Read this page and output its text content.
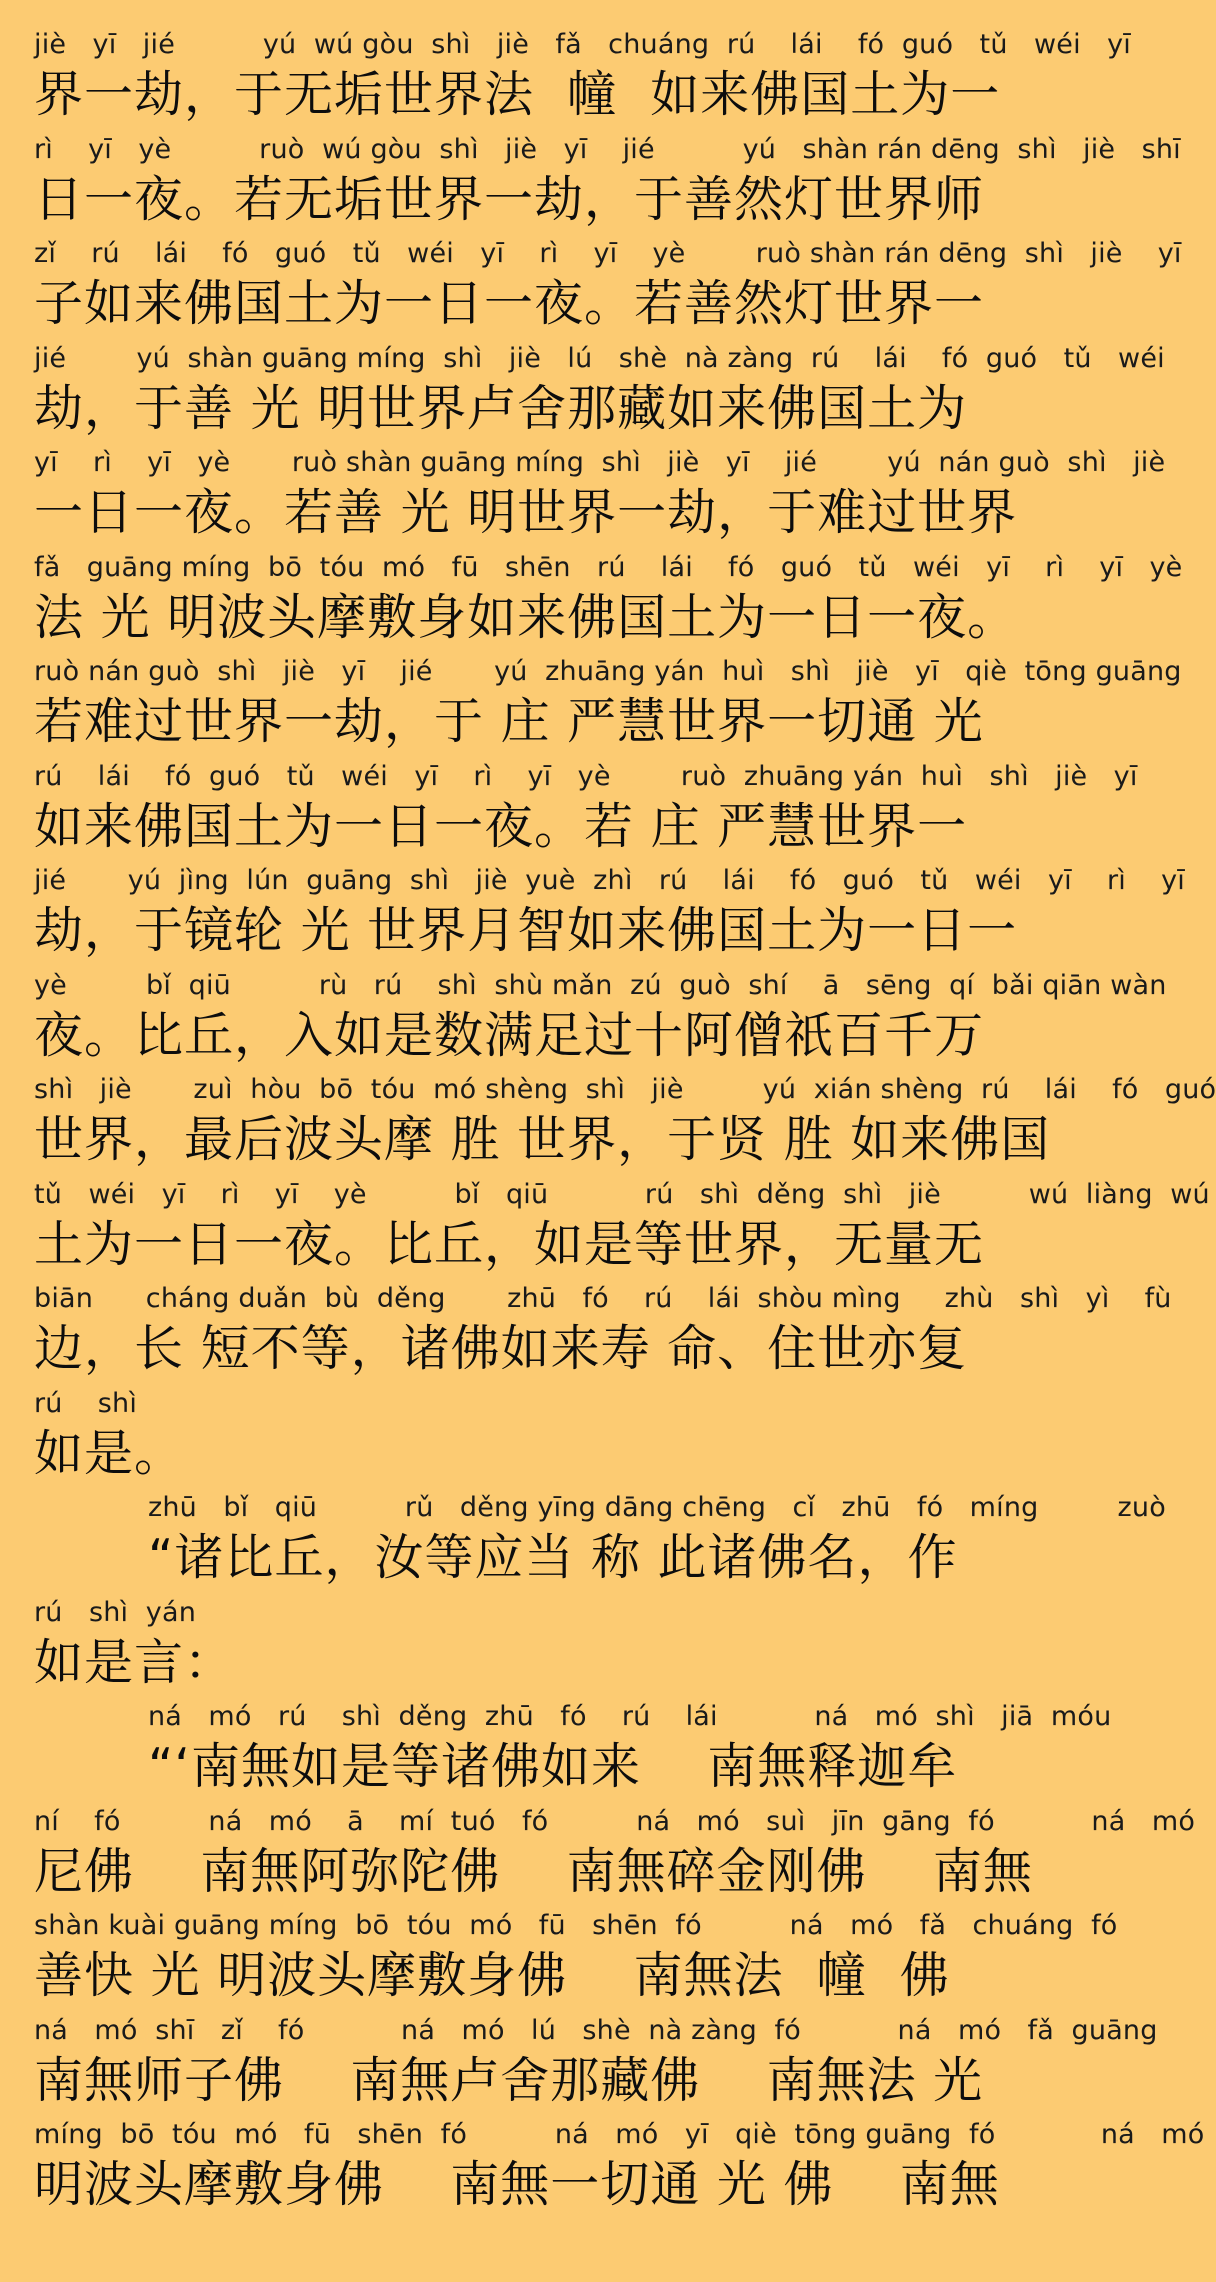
jiè   yī   jié          yú  wú gòu  shì   jiè   fǎ   chuáng  rú    lái    fó  guó   tǔ   wéi   yī
界一劫，于无垢世界法  幢  如来佛国土为一
rì    yī   yè          ruò  wú gòu  shì   jiè   yī    jié          yú   shàn rán dēng  shì   jiè   shī
日一夜。若无垢世界一劫，于善然灯世界师
zǐ    rú    lái    fó   guó   tǔ   wéi   yī    rì    yī    yè        ruò shàn rán dēng  shì   jiè    yī
子如来佛国土为一日一夜。若善然灯世界一
jié        yú  shàn guāng míng  shì   jiè   lú   shè  nà zàng  rú    lái    fó  guó   tǔ   wéi
劫，于善 光 明世界卢舍那藏如来佛国土为
yī    rì    yī   yè       ruò shàn guāng míng  shì   jiè   yī    jié        yú  nán guò  shì   jiè
一日一夜。若善 光 明世界一劫，于难过世界
fǎ   guāng míng  bō  tóu  mó   fū   shēn   rú    lái    fó   guó   tǔ   wéi   yī    rì    yī   yè
法 光 明波头摩敷身如来佛国土为一日一夜。
ruò nán guò  shì   jiè   yī    jié       yú  zhuāng yán  huì   shì   jiè   yī   qiè  tōng guāng
若难过世界一劫，于 庄 严慧世界一切通 光
rú    lái    fó  guó   tǔ   wéi   yī    rì    yī   yè        ruò  zhuāng yán  huì   shì   jiè   yī
如来佛国土为一日一夜。若 庄 严慧世界一
jié       yú  jìng  lún  guāng  shì   jiè  yuè  zhì   rú    lái    fó   guó   tǔ   wéi   yī    rì    yī
劫，于镜轮 光 世界月智如来佛国土为一日一
yè         bǐ  qiū          rù   rú    shì  shù mǎn  zú  guò  shí    ā   sēng  qí  bǎi qiān wàn
夜。比丘，入如是数满足过十阿僧祇百千万
shì   jiè       zuì  hòu  bō  tóu  mó shèng  shì   jiè         yú  xián shèng  rú    lái    fó   guó
世界，最后波头摩 胜 世界，于贤 胜 如来佛国
tǔ   wéi   yī    rì    yī    yè          bǐ   qiū           rú   shì  děng  shì   jiè          wú  liàng  wú
土为一日一夜。比丘，如是等世界，无量无
biān      cháng duǎn  bù  děng       zhū   fó    rú    lái  shòu mìng     zhù   shì   yì    fù
边，长 短不等，诸佛如来寿 命、住世亦复
rú    shì
如是。
zhū   bǐ   qiū          rǔ   děng yīng dāng chēng   cǐ   zhū   fó   míng         zuò
“诸比丘，汝等应当 称 此诸佛名，作
rú   shì  yán
如是言：
ná   mó   rú    shì  děng  zhū   fó    rú    lái           ná   mó  shì   jiā  móu
“‘南無如是等诸佛如来    南無释迦牟
ní    fó          ná   mó    ā    mí  tuó   fó          ná   mó   suì   jīn  gāng  fó           ná   mó
尼佛    南無阿弥陀佛    南無碎金刚佛    南無
shàn kuài guāng míng  bō  tóu  mó   fū   shēn  fó          ná   mó   fǎ   chuáng  fó
善快 光 明波头摩敷身佛    南無法  幢  佛
ná   mó  shī   zǐ    fó           ná   mó   lú   shè  nà zàng  fó           ná   mó   fǎ  guāng
南無师子佛    南無卢舍那藏佛    南無法 光
míng  bō  tóu  mó   fū   shēn  fó          ná   mó   yī   qiè  tōng guāng  fó            ná   mó
明波头摩敷身佛    南無一切通 光 佛    南無
